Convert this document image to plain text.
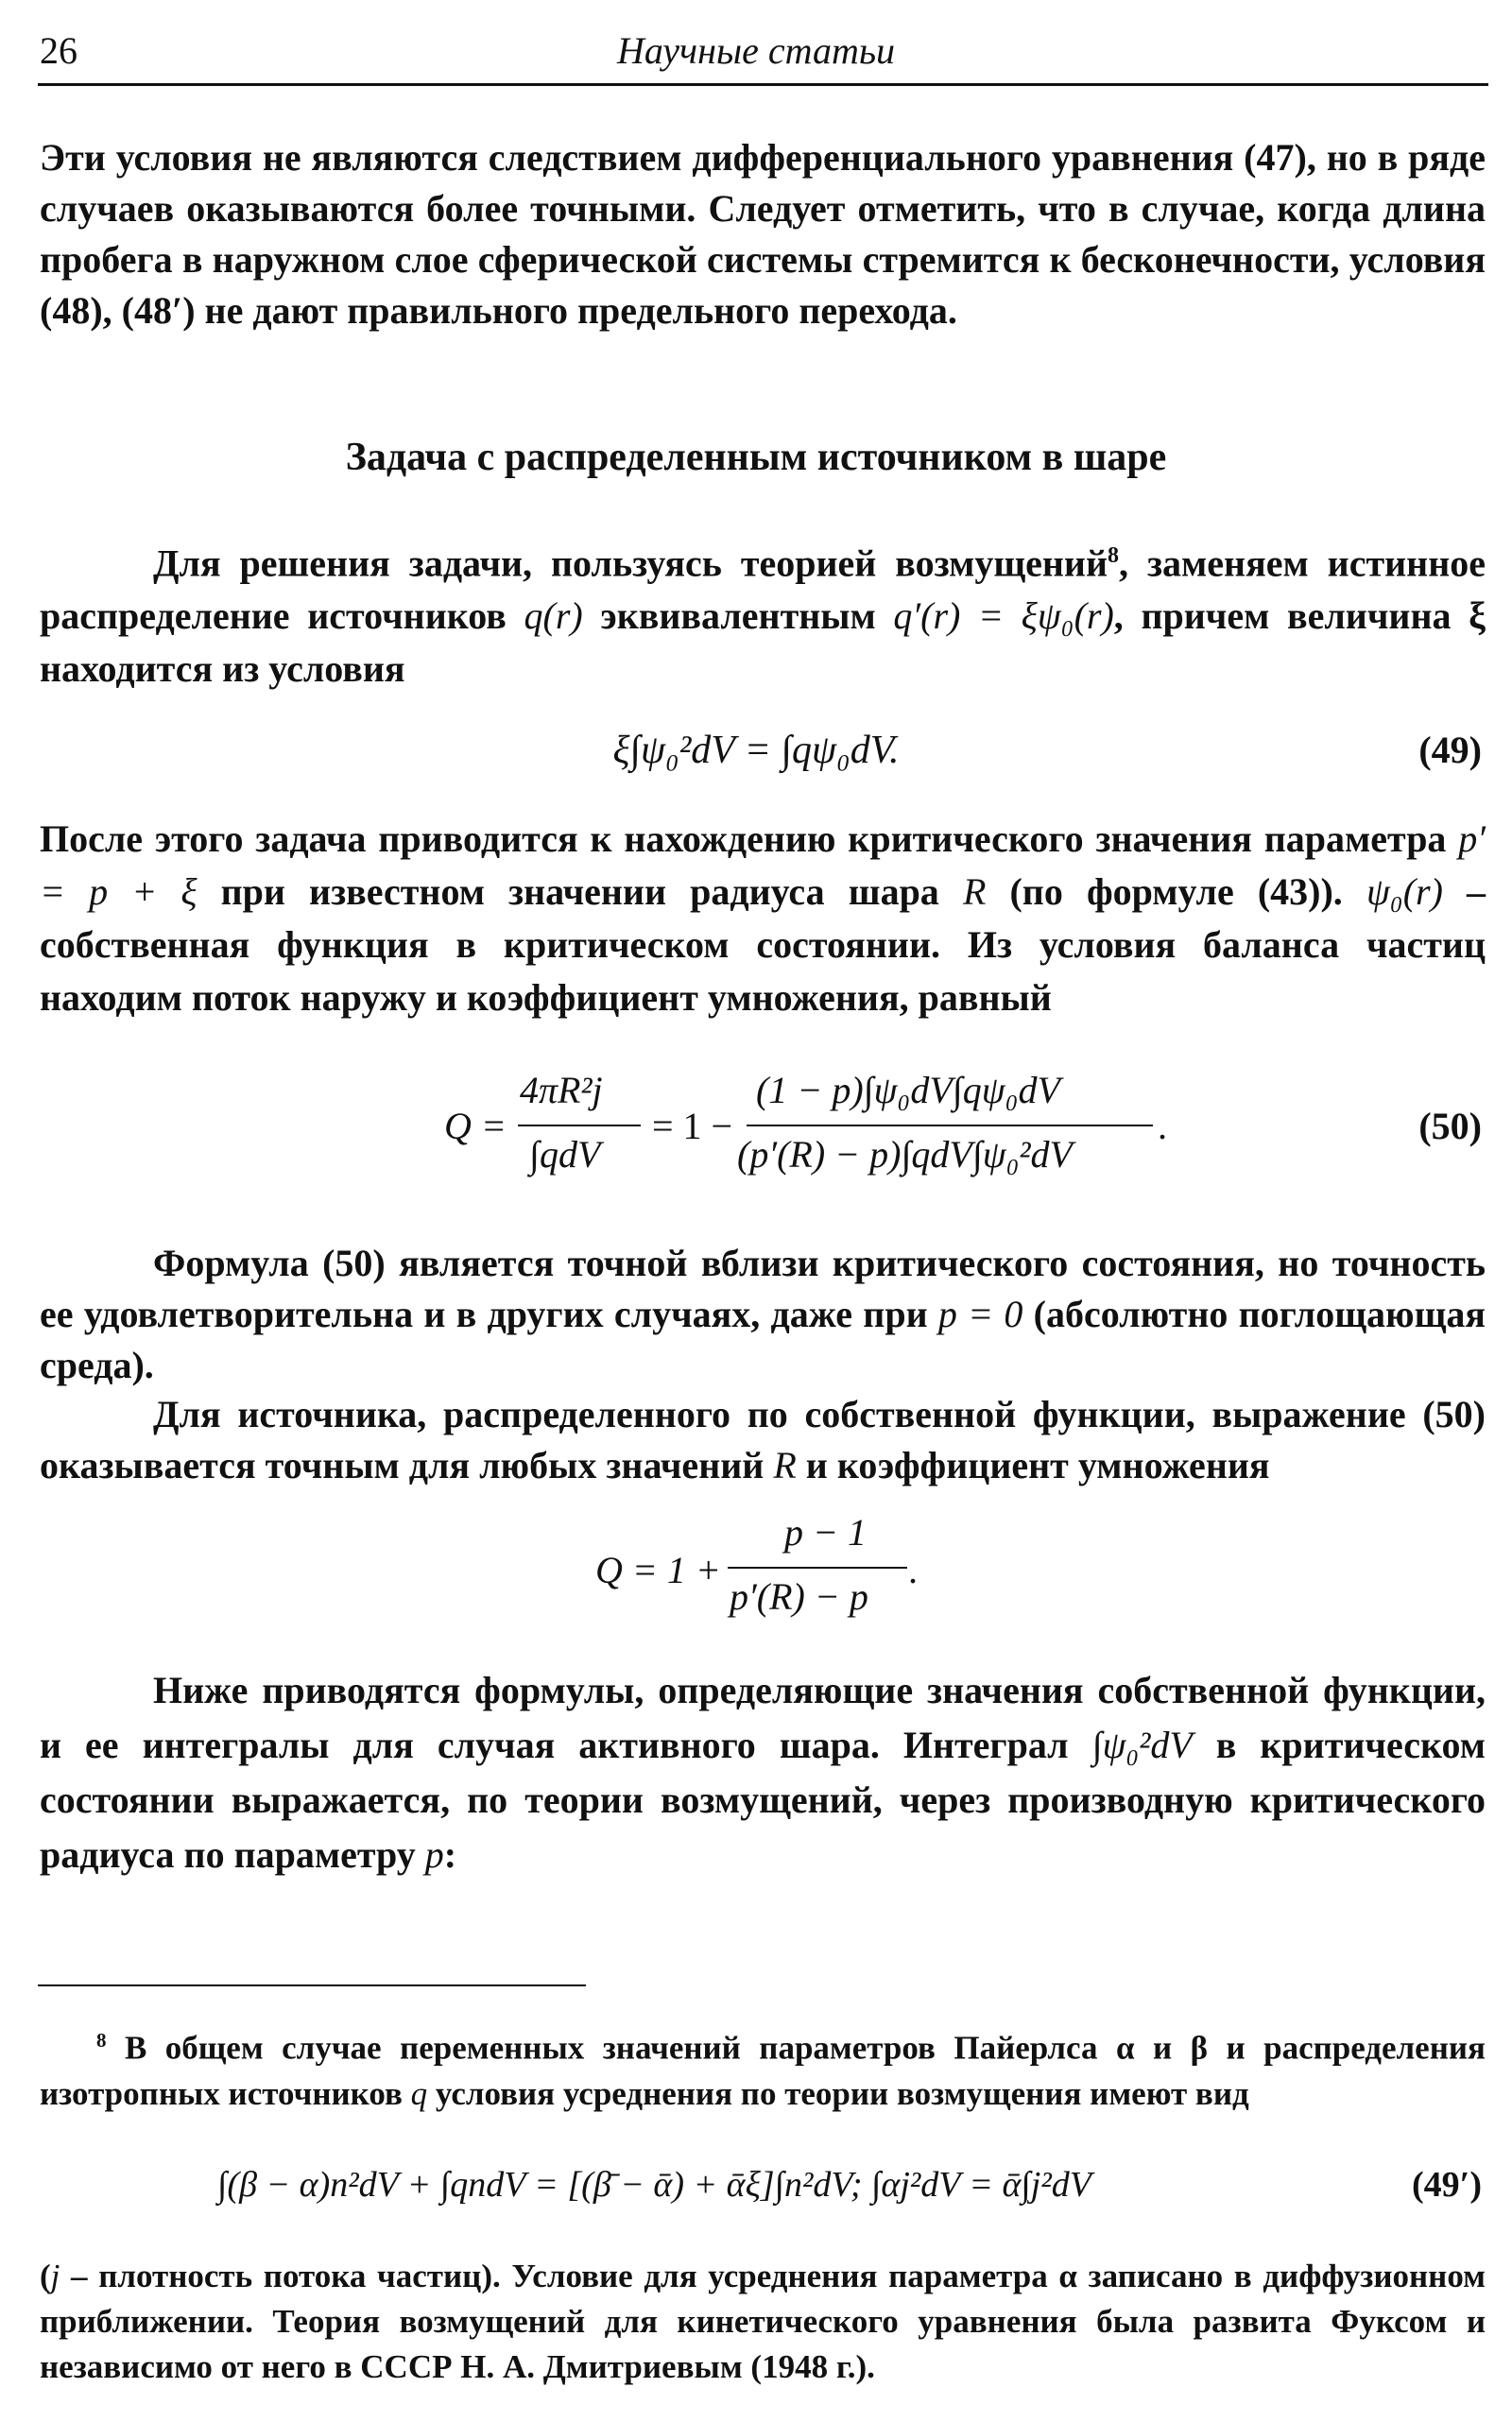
26	Научные статьи

Эти условия не являются следствием дифференциального уравнения (47), но в ряде случаев оказываются более точными. Следует отметить, что в случае, когда длина пробега в наружном слое сферической системы стремится к бесконечности, условия (48), (48′) не дают правильного предельного перехода.

Задача с распределенным источником в шаре

Для решения задачи, пользуясь теорией возмущений$^8$, заменяем истинное распределение источников q(r) эквивалентным q′(r) = ξψ₀(r), причем величина ξ находится из условия

ξ∫ψ₀²dV = ∫qψ₀dV.	(49)

После этого задача приводится к нахождению критического значения параметра p′ = p + ξ при известном значении радиуса шара R (по формуле (43)). ψ₀(r) – собственная функция в критическом состоянии. Из условия баланса частиц находим поток наружу и коэффициент умножения, равный

Q =
4πR²j
∫qdV
= 1 −
(1 − p)∫ψ₀dV∫qψ₀dV
(p′(R) − p)∫qdV∫ψ₀²dV
.	(50)

Формула (50) является точной вблизи критического состояния, но точность ее удовлетворительна и в других случаях, даже при p = 0 (абсолютно поглощающая среда).

Для источника, распределенного по собственной функции, выражение (50) оказывается точным для любых значений R и коэффициент умножения

Q = 1 +
p − 1
p′(R) − p
.

Ниже приводятся формулы, определяющие значения собственной функции, и ее интегралы для случая активного шара. Интеграл ∫ψ₀²dV в критическом состоянии выражается, по теории возмущений, через производную критического радиуса по параметру p:

$^8$ В общем случае переменных значений параметров Пайерлса α и β и распределения изотропных источников q условия усреднения по теории возмущения имеют вид

∫(β − α)n²dV + ∫qndV = [(β̄ − ᾱ) + ᾱξ]∫n²dV; ∫αj²dV = ᾱ∫j²dV	(49′)

(j – плотность потока частиц). Условие для усреднения параметра α записано в диффузионном приближении. Теория возмущений для кинетического уравнения была развита Фуксом и независимо от него в СССР Н. А. Дмитриевым (1948 г.).
